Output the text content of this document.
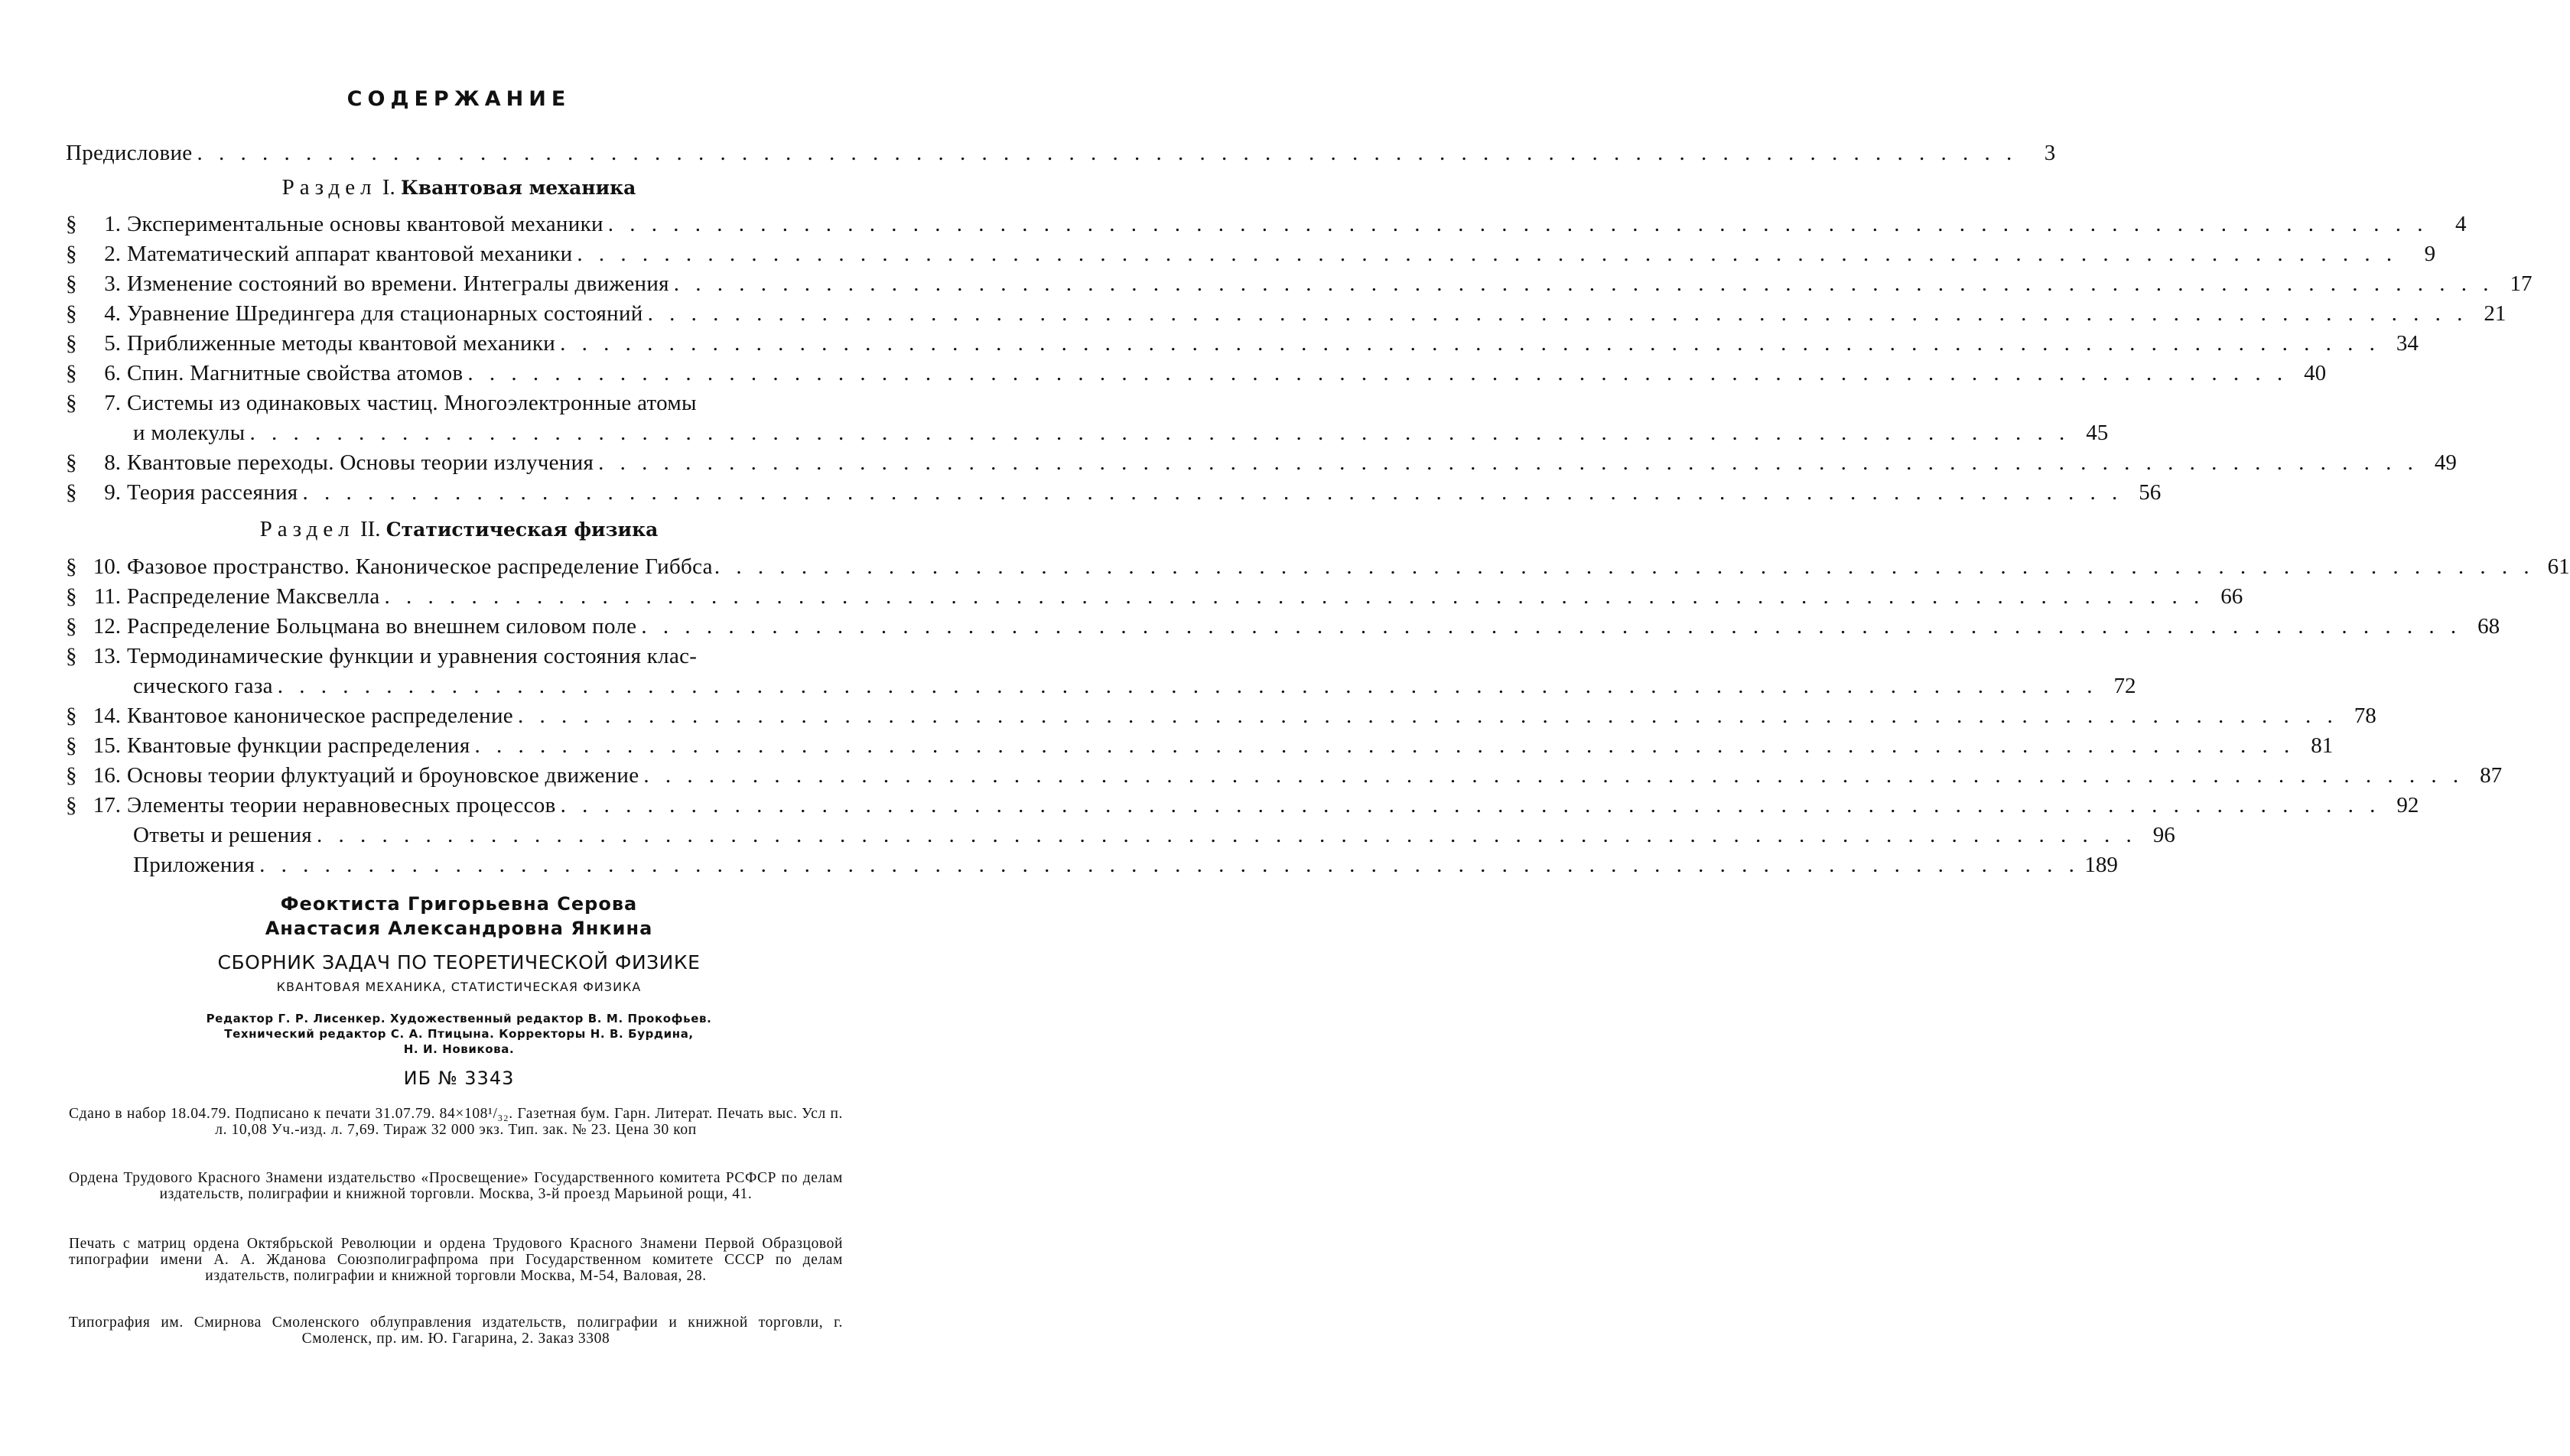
СОДЕРЖАНИЕ
Предисловие . . .	3
Раздел I. Квантовая механика
§ 1. Экспериментальные основы квантовой механики . . .	4
§ 2. Математический аппарат квантовой механики . . .	9
§ 3. Изменение состояний во времени. Интегралы движения . . .	17
§ 4. Уравнение Шредингера для стационарных состояний . . .	21
§ 5. Приближенные методы квантовой механики . . .	34
§ 6. Спин. Магнитные свойства атомов . . .	40
§ 7. Системы из одинаковых частиц. Многоэлектронные атомы
и молекулы . . .	45
§ 8. Квантовые переходы. Основы теории излучения . . .	49
§ 9. Теория рассеяния . . .	56
Раздел II. Статистическая физика
§ 10. Фазовое пространство. Каноническое распределение Гиббса . . .	61
§ 11. Распределение Максвелла . . .	66
§ 12. Распределение Больцмана во внешнем силовом поле . . .	68
§ 13. Термодинамические функции и уравнения состояния клас-
сического газа . . .	72
§ 14. Квантовое каноническое распределение . . .	78
§ 15. Квантовые функции распределения . . .	81
§ 16. Основы теории флуктуаций и броуновское движение . . .	87
§ 17. Элементы теории неравновесных процессов . . .	92
Ответы и решения . . .	96
Приложения . . .	189
Феоктиста Григорьевна Серова
Анастасия Александровна Янкина
СБОРНИК ЗАДАЧ ПО ТЕОРЕТИЧЕСКОЙ ФИЗИКЕ
КВАНТОВАЯ МЕХАНИКА, СТАТИСТИЧЕСКАЯ ФИЗИКА
Редактор Г. Р. Лисенкер. Художественный редактор В. М. Прокофьев.
Технический редактор С. А. Птицына. Корректоры Н. В. Бурдина,
Н. И. Новикова.
ИБ № 3343
Сдано в набор 18.04.79. Подписано к печати 31.07.79. 84×108¹/₃₂. Газетная бум. Гарн. Литерат. Печать выс. Усл п. л. 10,08 Уч.-изд. л. 7,69. Тираж 32 000 экз. Тип. зак. № 23. Цена 30 коп
Ордена Трудового Красного Знамени издательство «Просвещение» Государственного комитета РСФСР по делам издательств, полиграфии и книжной торговли. Москва, 3-й проезд Марьиной рощи, 41.
Печать с матриц ордена Октябрьской Революции и ордена Трудового Красного Знамени Первой Образцовой типографии имени А. А. Жданова Союзполиграфпрома при Государственном комитете СССР по делам издательств, полиграфии и книжной торговли Москва, М-54, Валовая, 28.
Типография им. Смирнова Смоленского облуправления издательств, полиграфии и книжной торговли, г. Смоленск, пр. им. Ю. Гагарина, 2. Заказ 3308
